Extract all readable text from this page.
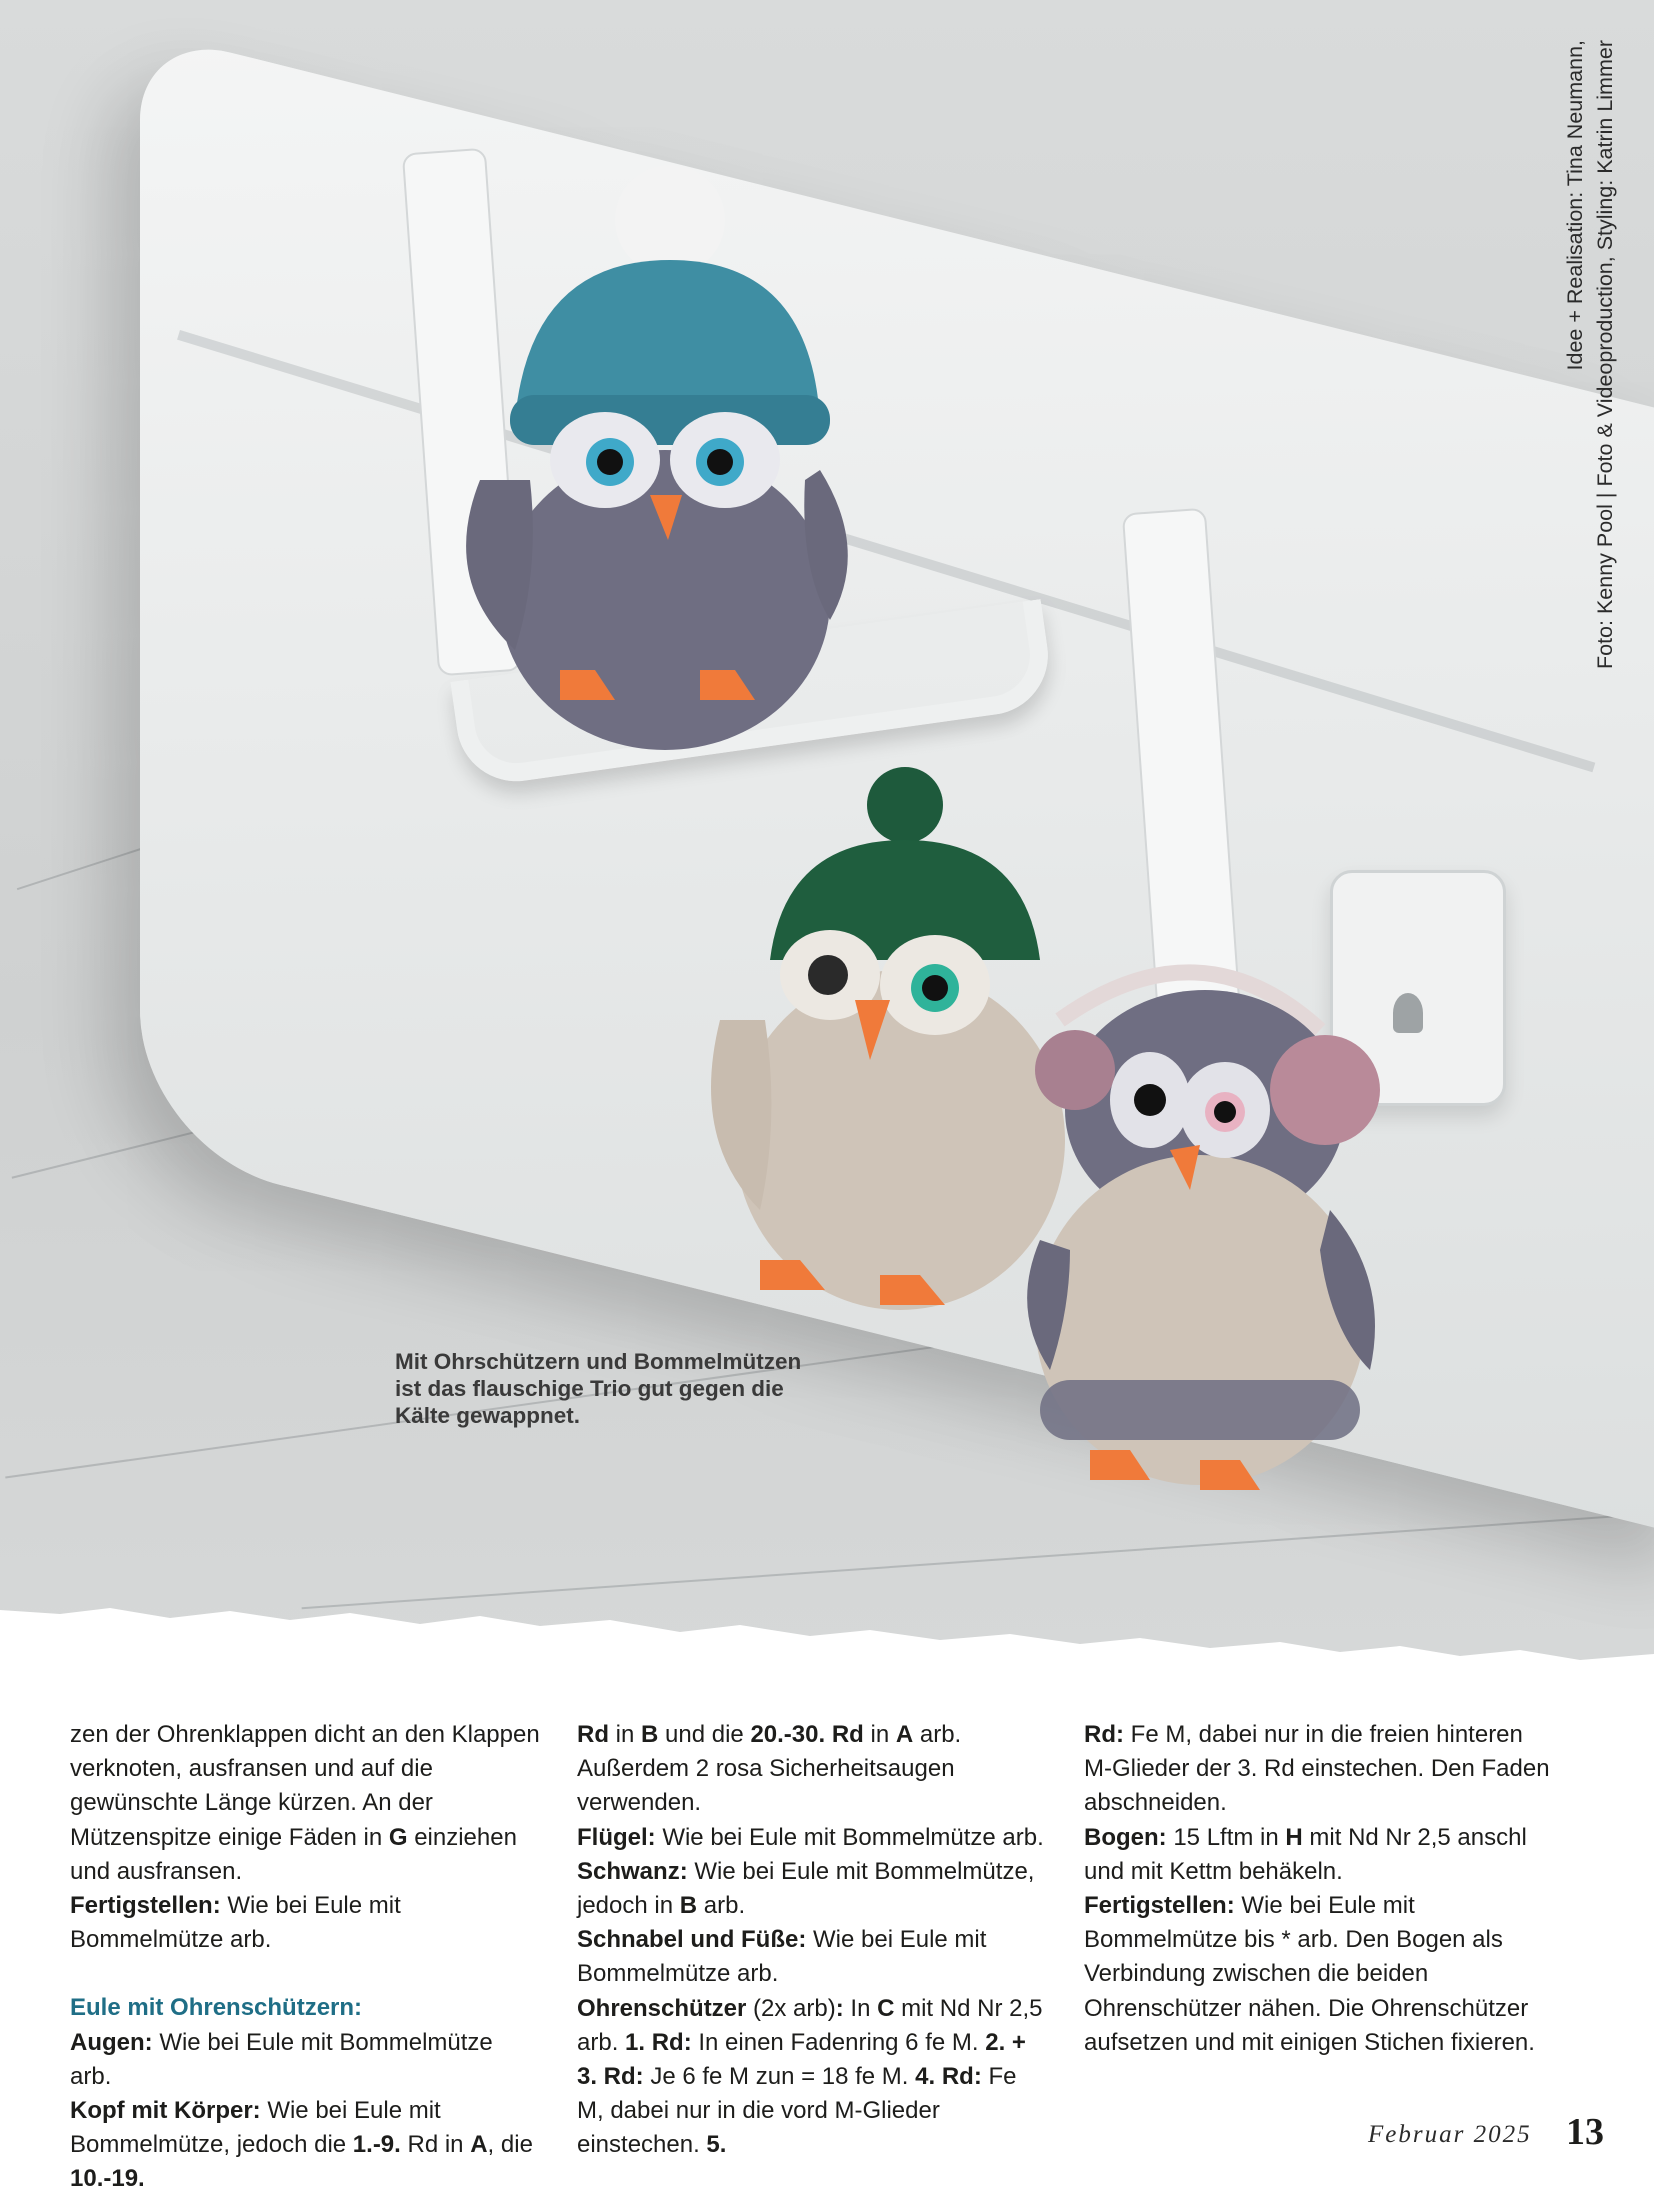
Mit Ohrschützern und Bommelmützen
ist das flauschige Trio gut gegen die
Kälte gewappnet.
Idee + Realisation: Tina Neumann,
Foto: Kenny Pool | Foto & Videoproduction, Styling: Katrin Limmer

zen der Ohrenklappen dicht an den Klappen verknoten, ausfransen und auf die gewünschte Länge kürzen. An der Mützenspitze einige Fäden in G einziehen und ausfransen.

Fertigstellen: Wie bei Eule mit Bommelmütze arb.

Eule mit Ohrenschützern:

Augen: Wie bei Eule mit Bommelmütze arb.

Kopf mit Körper: Wie bei Eule mit Bommelmütze, jedoch die 1.-9. Rd in A, die 10.-19.

Rd in B und die 20.-30. Rd in A arb. Außerdem 2 rosa Sicherheitsaugen verwenden.

Flügel: Wie bei Eule mit Bommelmütze arb.

Schwanz: Wie bei Eule mit Bommelmütze, jedoch in B arb.

Schnabel und Füße: Wie bei Eule mit Bommelmütze arb.

Ohrenschützer (2x arb): In C mit Nd Nr 2,5 arb. 1. Rd: In einen Fadenring 6 fe M. 2. + 3. Rd: Je 6 fe M zun = 18 fe M. 4. Rd: Fe M, dabei nur in die vord M-Glieder einstechen. 5.

Rd: Fe M, dabei nur in die freien hinteren M-Glieder der 3. Rd einstechen. Den Faden abschneiden.

Bogen: 15 Lftm in H mit Nd Nr 2,5 anschl und mit Kettm behäkeln.

Fertigstellen: Wie bei Eule mit Bommelmütze bis * arb. Den Bogen als Verbindung zwischen die beiden Ohrenschützer nähen. Die Ohrenschützer aufsetzen und mit einigen Stichen fixieren.

Februar 2025 13
